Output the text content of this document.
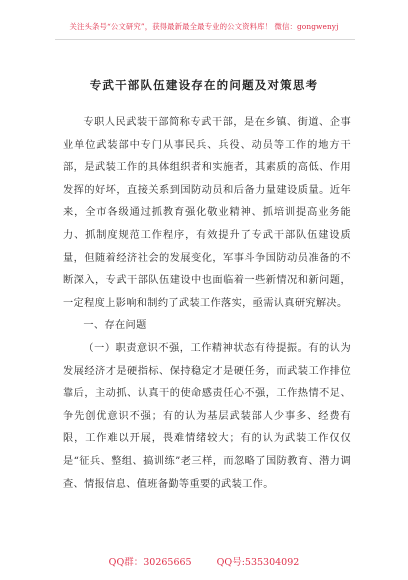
关注头条号“公文研究”，获得最新最全最专业的公文资料库！ 微信：gongwenyj
专武干部队伍建设存在的问题及对策思考

专职人民武装干部简称专武干部，是在乡镇、街道、企事业单位武装部中专门从事民兵、兵役、动员等工作的地方干部，是武装工作的具体组织者和实施者，其素质的高低、作用发挥的好坏，直接关系到国防动员和后备力量建设质量。近年来，全市各级通过抓教育强化敬业精神、抓培训提高业务能力、抓制度规范工作程序，有效提升了专武干部队伍建设质量，但随着经济社会的发展变化，军事斗争国防动员准备的不断深入，专武干部队伍建设中也面临着一些新情况和新问题，一定程度上影响和制约了武装工作落实，亟需认真研究解决。

一、存在问题

（一）职责意识不强，工作精神状态有待提振。有的认为发展经济才是硬指标、保持稳定才是硬任务，而武装工作排位靠后，主动抓、认真干的使命感责任心不强，工作热情不足、争先创优意识不强；有的认为基层武装部人少事多、经费有限，工作难以开展，畏难情绪较大；有的认为武装工作仅仅是“征兵、整组、搞训练”老三样，而忽略了国防教育、潜力调查、情报信息、值班备勤等重要的武装工作。

QQ群：30265665	QQ号:535304092
